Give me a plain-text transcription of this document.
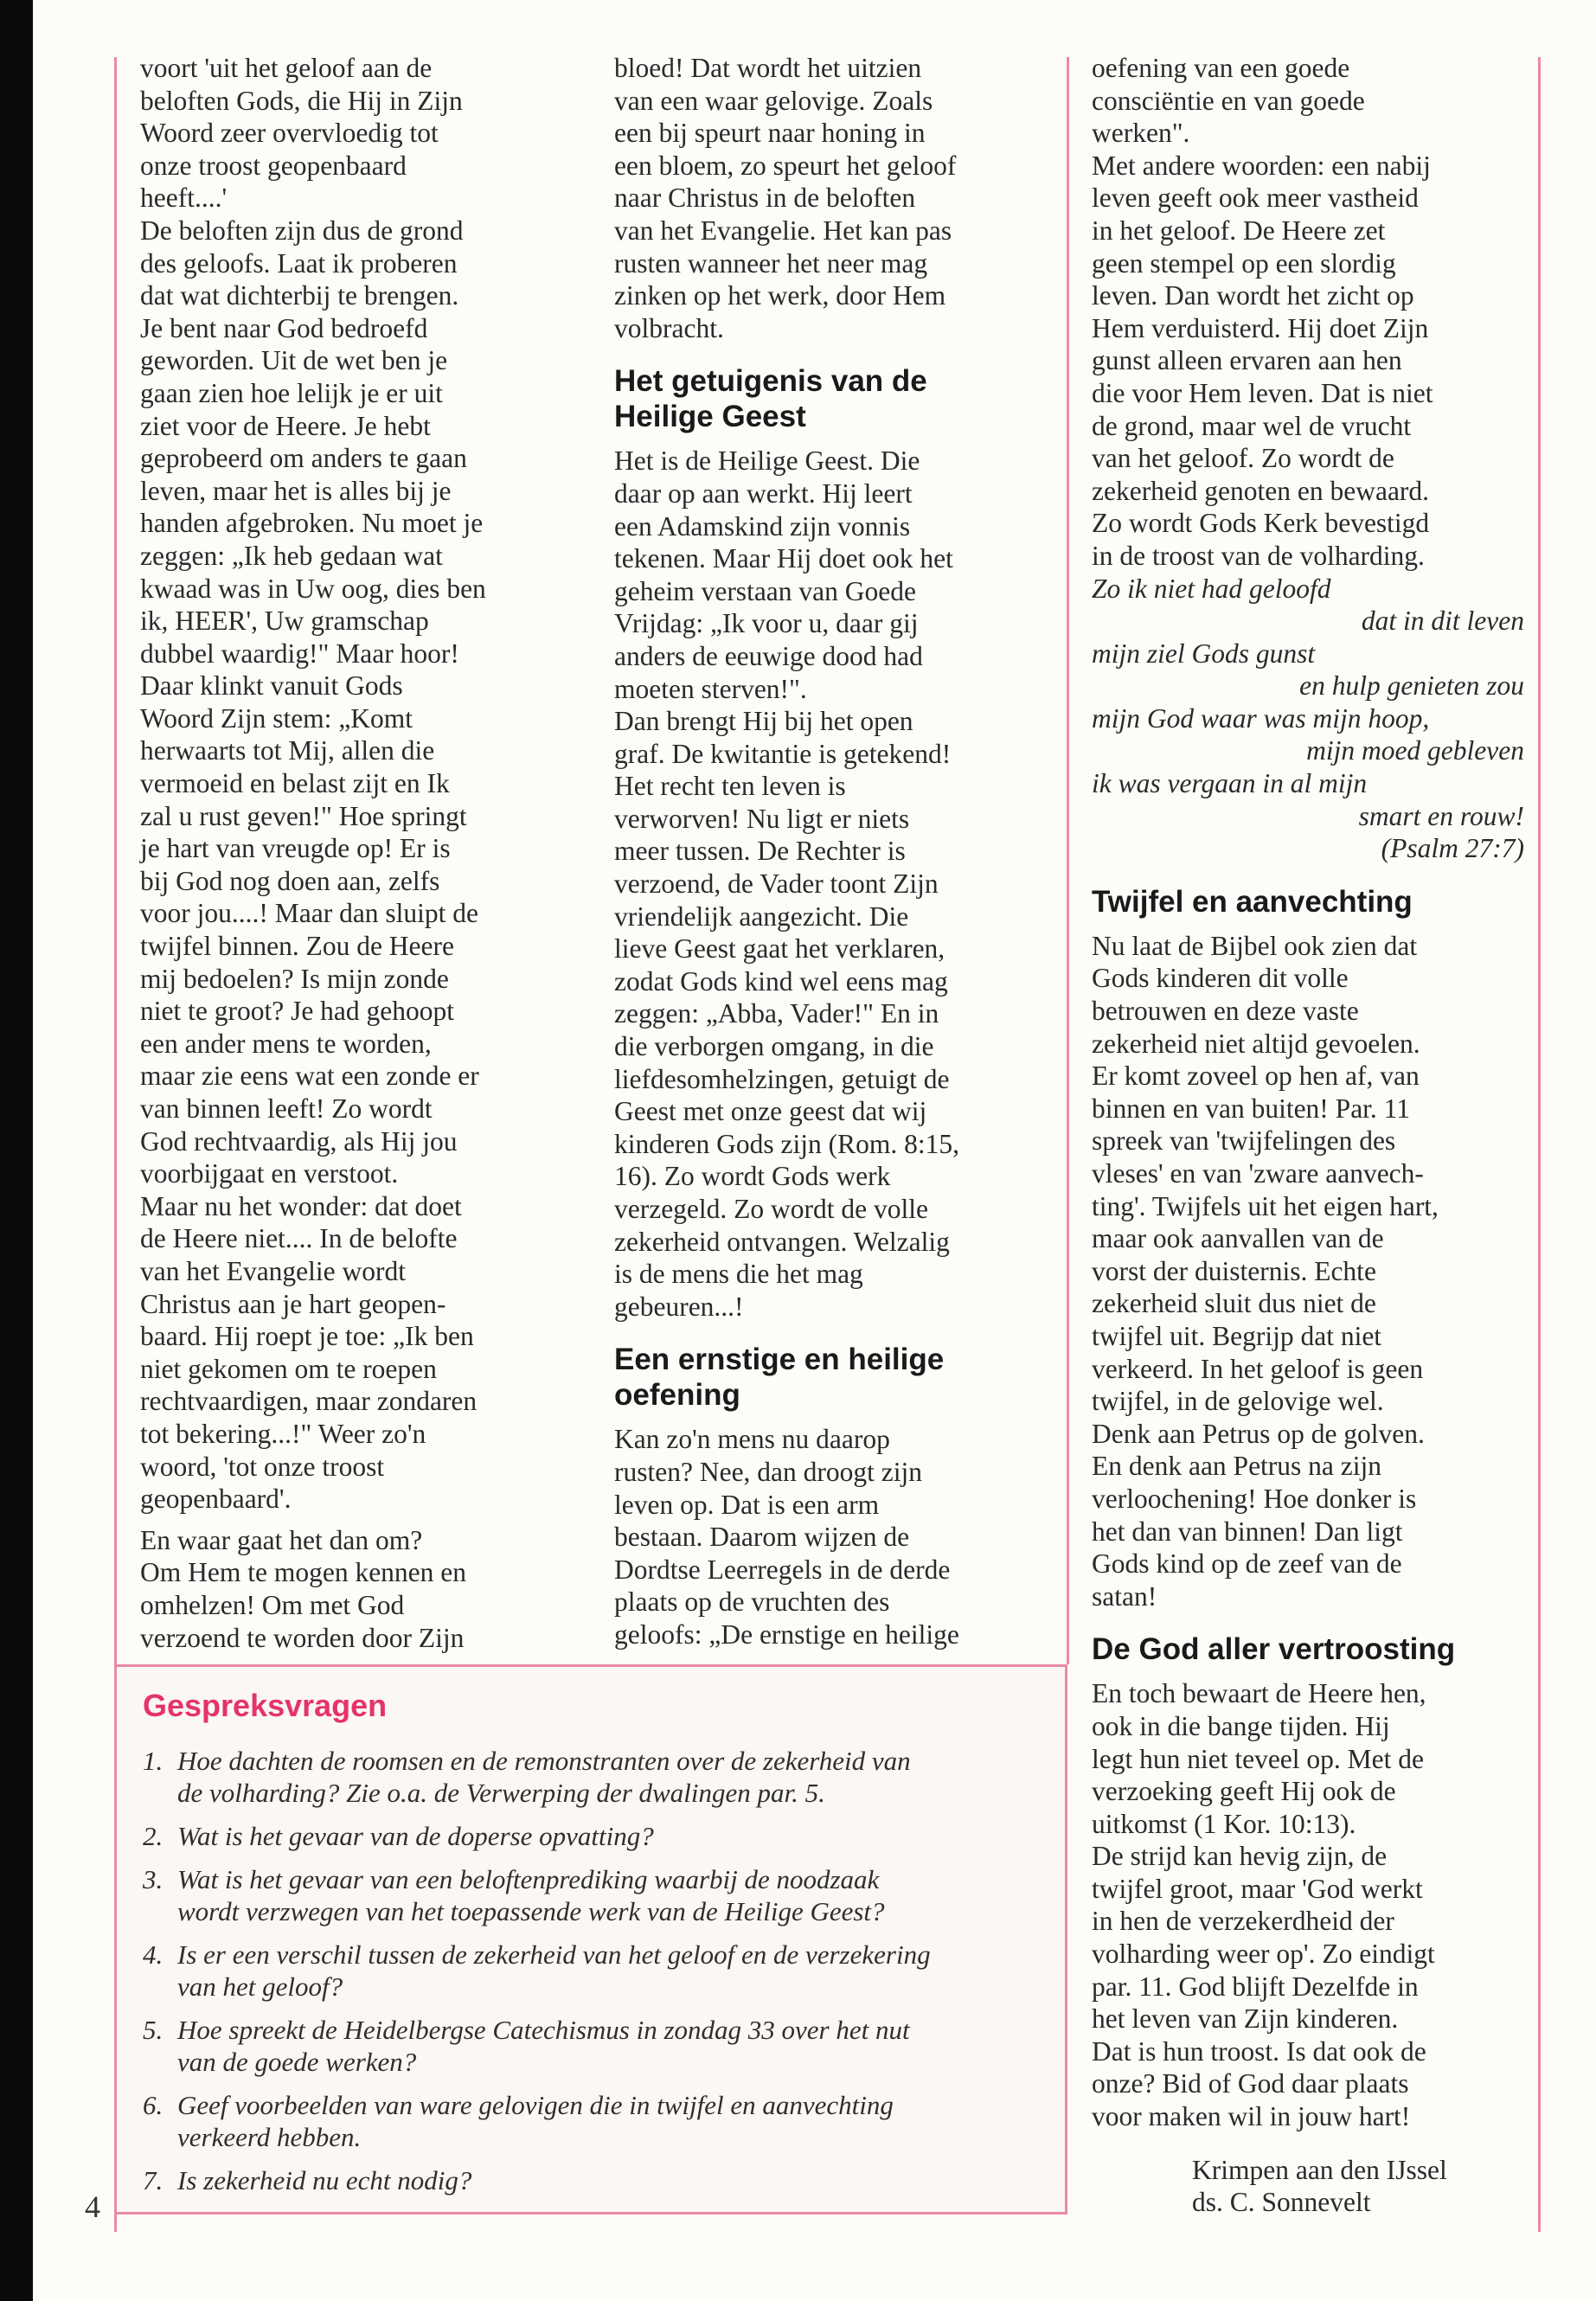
4

voort 'uit het geloof aan de
beloften Gods, die Hij in Zijn
Woord zeer overvloedig tot
onze troost geopenbaard
heeft....'

De beloften zijn dus de grond
des geloofs. Laat ik proberen
dat wat dichterbij te brengen.
Je bent naar God bedroefd
geworden. Uit de wet ben je
gaan zien hoe lelijk je er uit
ziet voor de Heere. Je hebt
geprobeerd om anders te gaan
leven, maar het is alles bij je
handen afgebroken. Nu moet je
zeggen: „Ik heb gedaan wat
kwaad was in Uw oog, dies ben
ik, HEER', Uw gramschap
dubbel waardig!" Maar hoor!
Daar klinkt vanuit Gods
Woord Zijn stem: „Komt
herwaarts tot Mij, allen die
vermoeid en belast zijt en Ik
zal u rust geven!" Hoe springt
je hart van vreugde op! Er is
bij God nog doen aan, zelfs
voor jou....! Maar dan sluipt de
twijfel binnen. Zou de Heere
mij bedoelen? Is mijn zonde
niet te groot? Je had gehoopt
een ander mens te worden,
maar zie eens wat een zonde er
van binnen leeft! Zo wordt
God rechtvaardig, als Hij jou
voorbijgaat en verstoot.

Maar nu het wonder: dat doet
de Heere niet.... In de belofte
van het Evangelie wordt
Christus aan je hart geopen-
baard. Hij roept je toe: „Ik ben
niet gekomen om te roepen
rechtvaardigen, maar zondaren
tot bekering...!" Weer zo'n
woord, 'tot onze troost
geopenbaard'.

En waar gaat het dan om?
Om Hem te mogen kennen en
omhelzen! Om met God
verzoend te worden door Zijn

bloed! Dat wordt het uitzien
van een waar gelovige. Zoals
een bij speurt naar honing in
een bloem, zo speurt het geloof
naar Christus in de beloften
van het Evangelie. Het kan pas
rusten wanneer het neer mag
zinken op het werk, door Hem
volbracht.

Het getuigenis van de
Heilige Geest

Het is de Heilige Geest. Die
daar op aan werkt. Hij leert
een Adamskind zijn vonnis
tekenen. Maar Hij doet ook het
geheim verstaan van Goede
Vrijdag: „Ik voor u, daar gij
anders de eeuwige dood had
moeten sterven!".

Dan brengt Hij bij het open
graf. De kwitantie is getekend!
Het recht ten leven is
verworven! Nu ligt er niets
meer tussen. De Rechter is
verzoend, de Vader toont Zijn
vriendelijk aangezicht. Die
lieve Geest gaat het verklaren,
zodat Gods kind wel eens mag
zeggen: „Abba, Vader!" En in
die verborgen omgang, in die
liefdesomhelzingen, getuigt de
Geest met onze geest dat wij
kinderen Gods zijn (Rom. 8:15,
16). Zo wordt Gods werk
verzegeld. Zo wordt de volle
zekerheid ontvangen. Welzalig
is de mens die het mag
gebeuren...!

Een ernstige en heilige
oefening

Kan zo'n mens nu daarop
rusten? Nee, dan droogt zijn
leven op. Dat is een arm
bestaan. Daarom wijzen de
Dordtse Leerregels in de derde
plaats op de vruchten des
geloofs: „De ernstige en heilige

oefening van een goede
consciëntie en van goede
werken".

Met andere woorden: een nabij
leven geeft ook meer vastheid
in het geloof. De Heere zet
geen stempel op een slordig
leven. Dan wordt het zicht op
Hem verduisterd. Hij doet Zijn
gunst alleen ervaren aan hen
die voor Hem leven. Dat is niet
de grond, maar wel de vrucht
van het geloof. Zo wordt de
zekerheid genoten en bewaard.
Zo wordt Gods Kerk bevestigd
in de troost van de volharding.

Zo ik niet had geloofd

dat in dit leven

mijn ziel Gods gunst

en hulp genieten zou

mijn God waar was mijn hoop,

mijn moed gebleven

ik was vergaan in al mijn

smart en rouw!

(Psalm 27:7)

Twijfel en aanvechting

Nu laat de Bijbel ook zien dat
Gods kinderen dit volle
betrouwen en deze vaste
zekerheid niet altijd gevoelen.
Er komt zoveel op hen af, van
binnen en van buiten! Par. 11
spreek van 'twijfelingen des
vleses' en van 'zware aanvech-
ting'. Twijfels uit het eigen hart,
maar ook aanvallen van de
vorst der duisternis. Echte
zekerheid sluit dus niet de
twijfel uit. Begrijp dat niet
verkeerd. In het geloof is geen
twijfel, in de gelovige wel.
Denk aan Petrus op de golven.
En denk aan Petrus na zijn
verloochening! Hoe donker is
het dan van binnen! Dan ligt
Gods kind op de zeef van de
satan!

De God aller vertroosting

En toch bewaart de Heere hen,
ook in die bange tijden. Hij
legt hun niet teveel op. Met de
verzoeking geeft Hij ook de
uitkomst (1 Kor. 10:13).
De strijd kan hevig zijn, de
twijfel groot, maar 'God werkt
in hen de verzekerdheid der
volharding weer op'. Zo eindigt
par. 11. God blijft Dezelfde in
het leven van Zijn kinderen.
Dat is hun troost. Is dat ook de
onze? Bid of God daar plaats
voor maken wil in jouw hart!

Krimpen aan den IJssel

ds. C. Sonnevelt

Gespreksvragen
1. Hoe dachten de roomsen en de remonstranten over de zekerheid van
de volharding? Zie o.a. de Verwerping der dwalingen par. 5.
2. Wat is het gevaar van de doperse opvatting?
3. Wat is het gevaar van een beloftenprediking waarbij de noodzaak
wordt verzwegen van het toepassende werk van de Heilige Geest?
4. Is er een verschil tussen de zekerheid van het geloof en de verzekering
van het geloof?
5. Hoe spreekt de Heidelbergse Catechismus in zondag 33 over het nut
van de goede werken?
6. Geef voorbeelden van ware gelovigen die in twijfel en aanvechting
verkeerd hebben.
7. Is zekerheid nu echt nodig?
